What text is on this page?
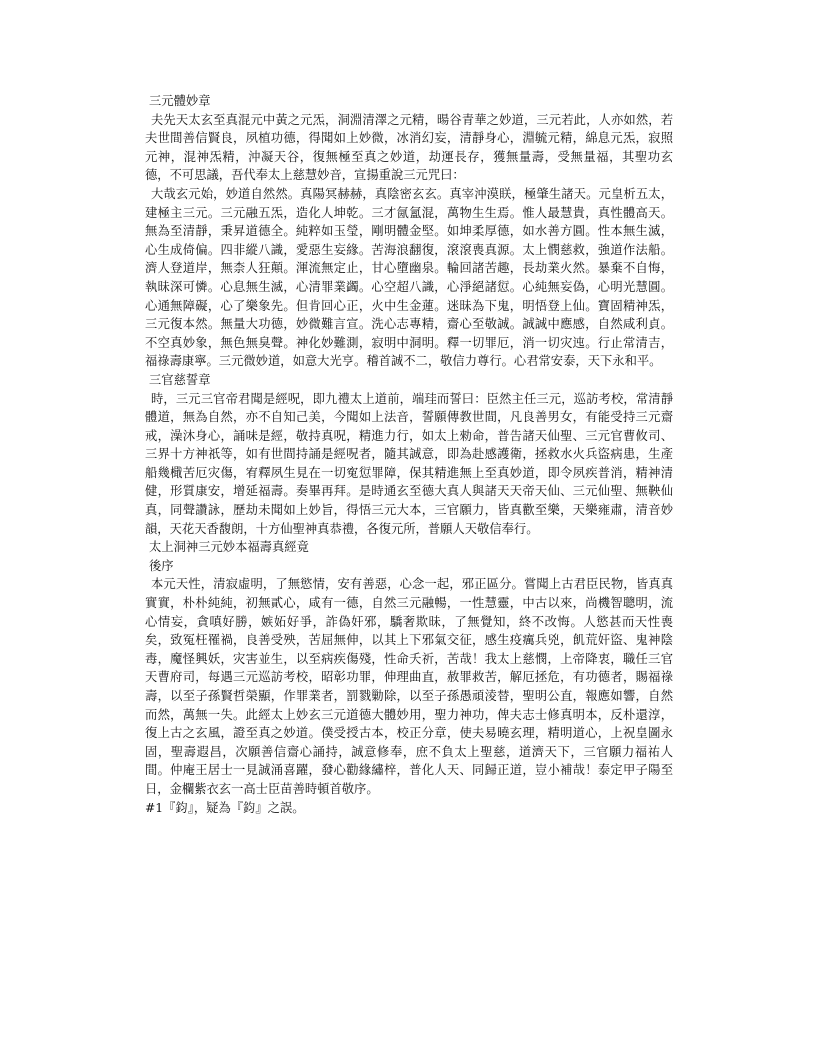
三元體妙章

夫先天太玄至真混元中黃之元炁，洞淵清澤之元精，暘谷青華之妙道，三元若此，人亦如然，若夫世間善信賢良，夙植功德，得聞如上妙微，冰消幻妄，清靜身心，淵毓元精，綿息元炁，寂照元神，混神炁精，沖凝天谷，復無極至真之妙道，劫運長存，獲無量壽，受無量福，其聖功玄德，不可思議，吾代奉太上慈慧妙音，宣揚重說三元咒曰：

大哉玄元始，妙道自然然。真陽冥赫赫，真陰密玄玄。真宰沖漠眹，極肇生諸天。元皇析五太，建極主三元。三元融五炁，造化人坤乾。三才氤氳混，萬物生生焉。惟人最慧貴，真性體高天。無為至清靜，秉昇道德全。純粹如玉瑩，剛明體金堅。如坤柔厚德，如水善方圓。性本無生滅，心生成倚偏。四非縱八識，愛惡生妄緣。苦海浪翻復，滾滾喪真源。太上憫慈救，強道作法船。濟人登道岸，無柰人狂顛。渾流無定止，甘心墮幽泉。輪回諸苦趣，長劫業火然。暴棄不自悔，執昧深可憐。心息無生滅，心清罪業蠲。心空超八識，心淨絕諸愆。心純無妄偽，心明光慧圓。心通無障礙，心了樂象先。但肯回心正，火中生金蓮。迷昧為下鬼，明悟登上仙。寶固精神炁，三元復本然。無量大功德，妙微難言宣。洗心志專精，齋心至敬誠。誠誠中應感，自然咸利貞。不空真妙象，無色無臭聲。神化妙難測，寂明中洞明。釋一切罪厄，消一切灾迍。行止常清吉，福祿壽康寧。三元微妙道，如意大光亨。稽首誠不二，敬信力尊行。心君常安泰，天下永和平。

三官慈誓章

時，三元三官帝君聞是經呪，即九禮太上道前，端珪而誓曰：臣然主任三元，巡訪考校，常清靜體道，無為自然，亦不自知己美，今聞如上法音，誓願傳教世間，凡良善男女，有能受持三元齋戒，澡沐身心，誦味是經，敬持真呪，精進力行，如太上勑命，普告諸天仙聖、三元官曹攸司、三界十方神祇等，如有世間持誦是經呪者，隨其誠意，即為赴感護衛，拯救水火兵盜病患，生產船幾檝苦厄灾傷，宥釋夙生見在一切寃愆罪障，保其精進無上至真妙道，即令夙疾普消，精神清健，形質康安，增延福壽。奏畢再拜。是時通玄至德大真人與諸天天帝天仙、三元仙聖、無鞅仙真，同聲讚詠，歷劫未聞如上妙旨，得悟三元大本，三官願力，皆真歡至樂，天樂雍肅，清音妙韻，天花天香馥朗，十方仙聖神真恭禮，各復元所，普願人天敬信奉行。

太上洞神三元妙本福壽真經竟
後序

本元天性，清寂虛明，了無慾情，安有善惡，心念一起，邪正區分。嘗聞上古君臣民物，皆真真實實，朴朴純純，初無貳心，咸有一德，自然三元融暢，一性慧靈，中古以來，尚機智聰明，流心情妄，貪嗔好勝，嫉妬好爭，詐偽奸邪，驕奢欺昧，了無覺知，終不改悔。人慾甚而天性喪矣，致冤枉罹禍，良善受殃，苦屈無伸，以其上下邪氣交征，感生疫癘兵兇，飢荒奸盜、鬼神陰毒，魔怪興妖，灾害並生，以至病疾傷殘，性命夭祈，苦哉！我太上慈憫，上帝降衷，職任三官天曹府司，每遇三元巡訪考校，昭彰功罪，伸理曲直，赦罪救苦，解厄拯危，有功德者，賜福祿壽，以至子孫賢哲榮顯，作罪業者，罰戮勦除，以至子孫愚頑淩替，聖明公直，報應如響，自然而然，萬無一失。此經太上妙玄三元道德大體妙用，聖力神功，俾夫志士修真明本，反朴還淳，復上古之玄風，證至真之妙道。僕受授古本，校正分章，使夫易曉玄理，精明道心，上祝皇圖永固，聖壽遐昌，次願善信齋心誦持，誠意修奉，庶不負太上聖慈，道濟天下，三官願力福祐人間。仲庵王居士一見誠涌喜躍，發心勸緣繡梓，普化人天、同歸正道，豈小補哉！泰定甲子陽至日，金欄紫衣玄一高士臣苗善時頓首敬序。

#1『鈞』，疑為『鈞』之誤。
